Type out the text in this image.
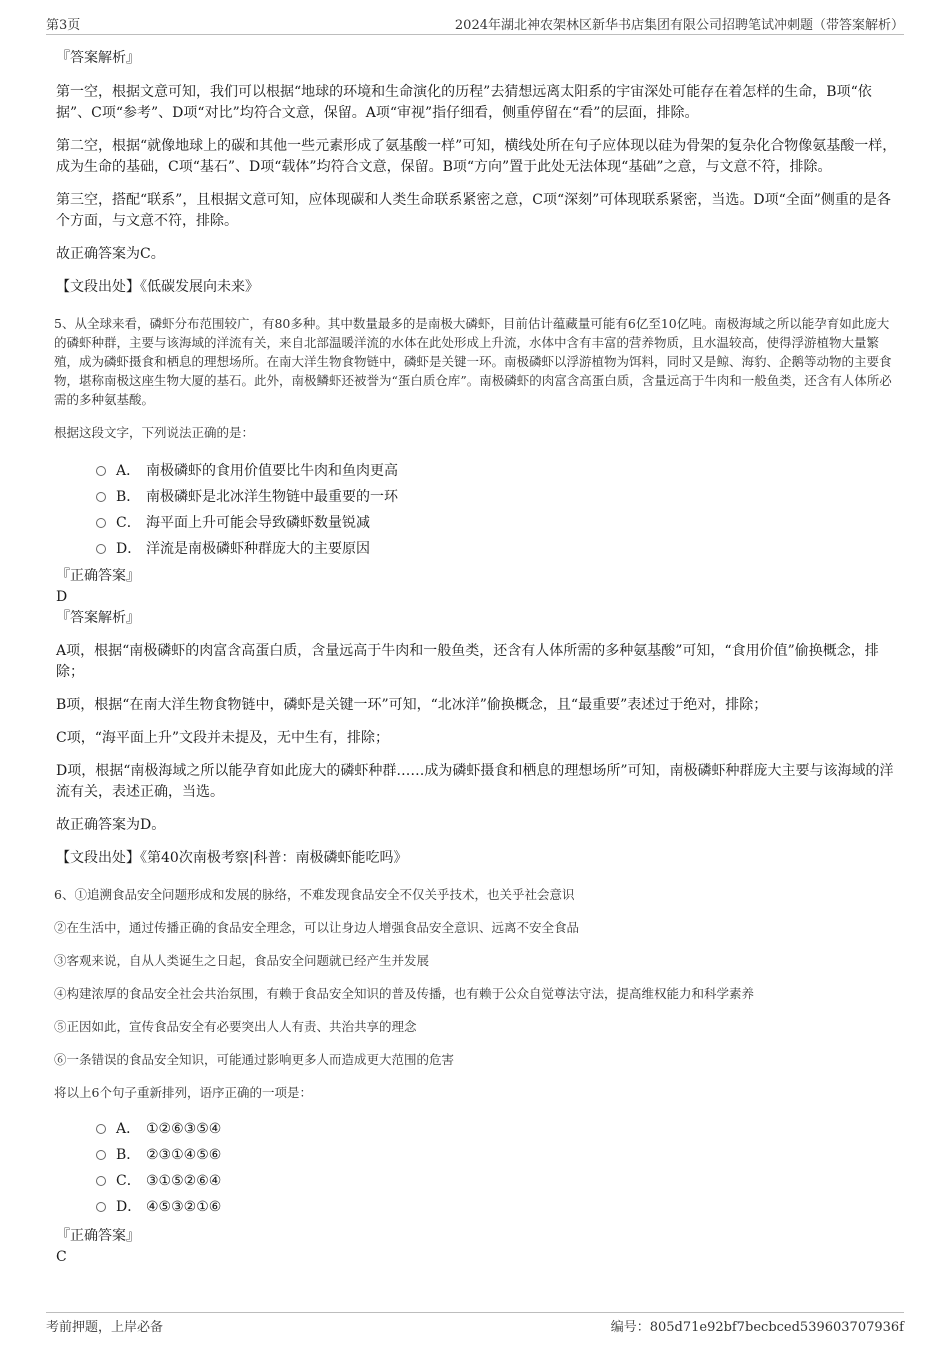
第3页	2024年湖北神农架林区新华书店集团有限公司招聘笔试冲刺题（带答案解析）

『答案解析』

第一空，根据文意可知，我们可以根据“地球的环境和生命演化的历程”去猜想远离太阳系的宇宙深处可能存在着怎样的生命，B项“依据”、C项“参考”、D项“对比”均符合文意，保留。A项“审视”指仔细看，侧重停留在“看”的层面，排除。

第二空，根据“就像地球上的碳和其他一些元素形成了氨基酸一样”可知，横线处所在句子应体现以硅为骨架的复杂化合物像氨基酸一样，成为生命的基础，C项“基石”、D项“载体”均符合文意，保留。B项“方向”置于此处无法体现“基础”之意，与文意不符，排除。

第三空，搭配“联系”，且根据文意可知，应体现碳和人类生命联系紧密之意，C项“深刻”可体现联系紧密，当选。D项“全面”侧重的是各个方面，与文意不符，排除。

故正确答案为C。

【文段出处】《低碳发展向未来》

5、从全球来看，磷虾分布范围较广，有80多种。其中数量最多的是南极大磷虾，目前估计蕴藏量可能有6亿至10亿吨。南极海域之所以能孕育如此庞大的磷虾种群，主要与该海域的洋流有关，来自北部温暖洋流的水体在此处形成上升流，水体中含有丰富的营养物质，且水温较高，使得浮游植物大量繁殖，成为磷虾摄食和栖息的理想场所。在南大洋生物食物链中，磷虾是关键一环。南极磷虾以浮游植物为饵料，同时又是鲸、海豹、企鹅等动物的主要食物，堪称南极这座生物大厦的基石。此外，南极鳞虾还被誉为“蛋白质仓库”。南极磷虾的肉富含高蛋白质，含量远高于牛肉和一般鱼类，还含有人体所必需的多种氨基酸。

根据这段文字，下列说法正确的是：

A． 南极磷虾的食用价值要比牛肉和鱼肉更高

B． 南极磷虾是北冰洋生物链中最重要的一环

C． 海平面上升可能会导致磷虾数量锐减

D． 洋流是南极磷虾种群庞大的主要原因

『正确答案』

D

『答案解析』

A项，根据“南极磷虾的肉富含高蛋白质，含量远高于牛肉和一般鱼类，还含有人体所需的多种氨基酸”可知，“食用价值”偷换概念，排除；

B项，根据“在南大洋生物食物链中，磷虾是关键一环”可知，“北冰洋”偷换概念，且“最重要”表述过于绝对，排除；

C项，“海平面上升”文段并未提及，无中生有，排除；

D项，根据“南极海域之所以能孕育如此庞大的磷虾种群……成为磷虾摄食和栖息的理想场所”可知，南极磷虾种群庞大主要与该海域的洋流有关，表述正确，当选。

故正确答案为D。

【文段出处】《第40次南极考察|科普：南极磷虾能吃吗》

6、①追溯食品安全问题形成和发展的脉络，不难发现食品安全不仅关乎技术，也关乎社会意识

②在生活中，通过传播正确的食品安全理念，可以让身边人增强食品安全意识、远离不安全食品

③客观来说，自从人类诞生之日起，食品安全问题就已经产生并发展

④构建浓厚的食品安全社会共治氛围，有赖于食品安全知识的普及传播，也有赖于公众自觉尊法守法，提高维权能力和科学素养

⑤正因如此，宣传食品安全有必要突出人人有责、共治共享的理念

⑥一条错误的食品安全知识，可能通过影响更多人而造成更大范围的危害

将以上6个句子重新排列，语序正确的一项是：

A． ①②⑥③⑤④

B． ②③①④⑤⑥

C． ③①⑤②⑥④

D． ④⑤③②①⑥

『正确答案』

C

考前押题，上岸必备	编号：805d71e92bf7becbced539603707936f
